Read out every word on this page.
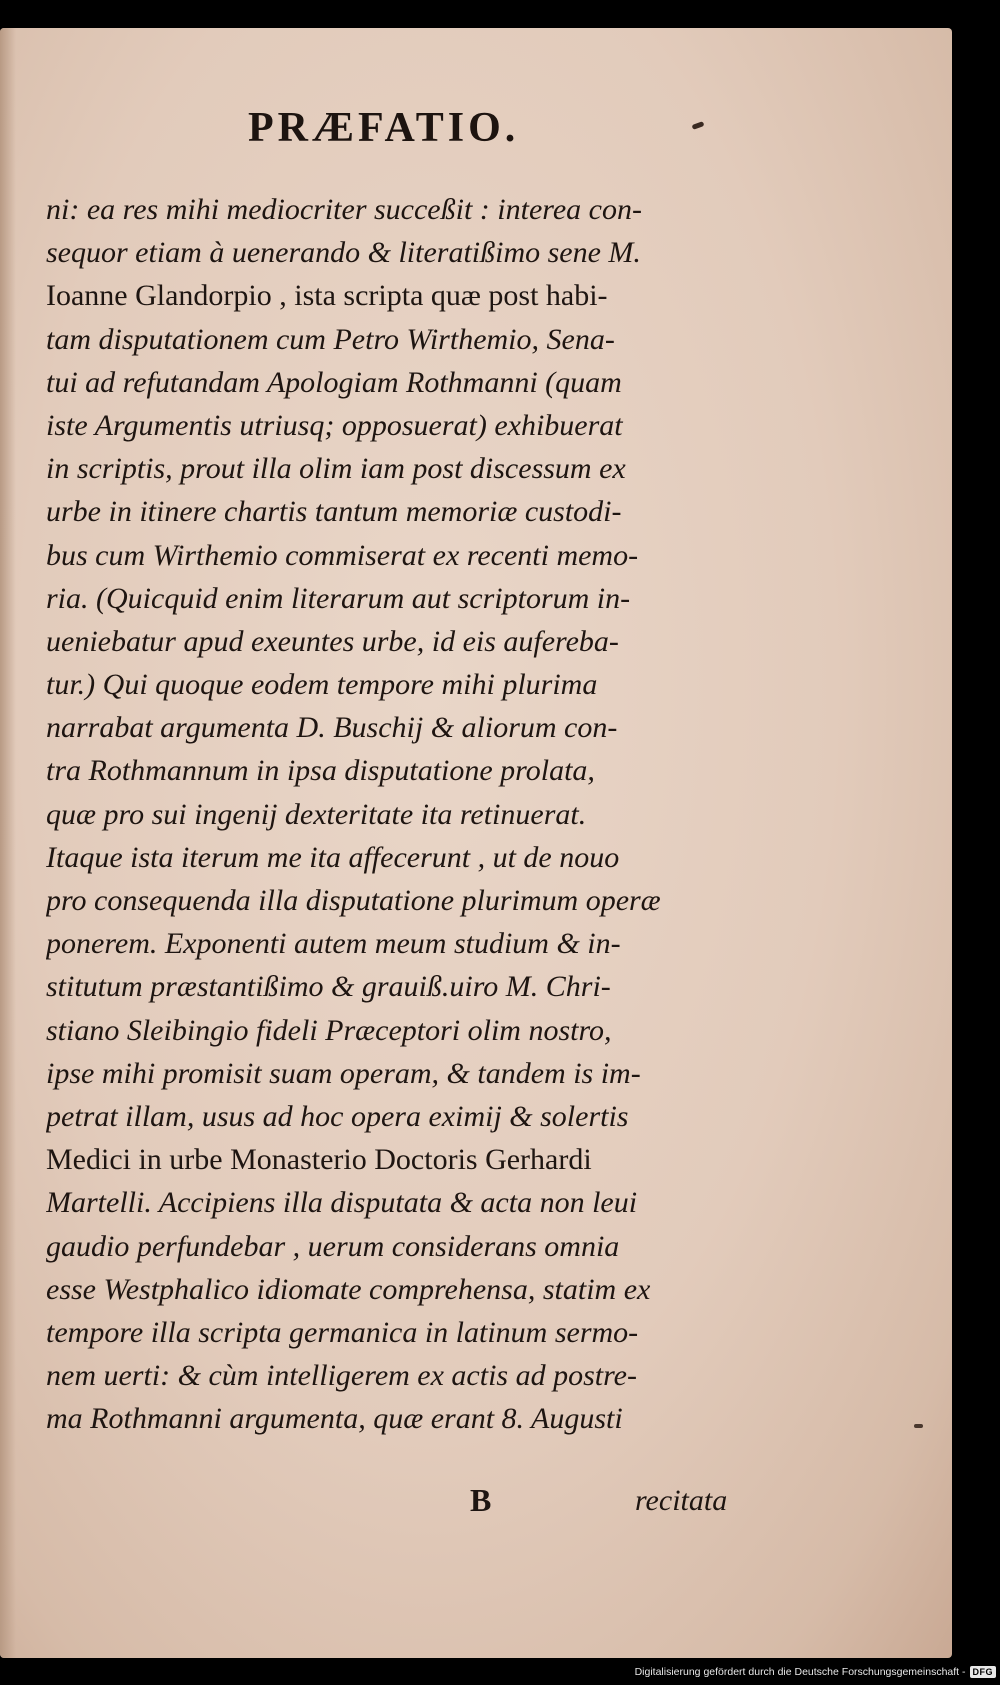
PRÆFATIO.
ni: ea res mihi mediocriter succeßit : interea con-
sequor etiam à uenerando & literatißimo sene M.
Ioanne Glandorpio , ista scripta quæ post habi-
tam disputationem cum Petro Wirthemio, Sena-
tui ad refutandam Apologiam Rothmanni (quam
iste Argumentis utriusq; opposuerat) exhibuerat
in scriptis, prout illa olim iam post discessum ex
urbe in itinere chartis tantum memoriæ custodi-
bus cum Wirthemio commiserat ex recenti memo-
ria. (Quicquid enim literarum aut scriptorum in-
ueniebatur apud exeuntes urbe, id eis aufereba-
tur.) Qui quoque eodem tempore mihi plurima
narrabat argumenta D. Buschij & aliorum con-
tra Rothmannum in ipsa disputatione prolata,
quæ pro sui ingenij dexteritate ita retinuerat.
Itaque ista iterum me ita affecerunt , ut de nouo
pro consequenda illa disputatione plurimum operæ
ponerem. Exponenti autem meum studium & in-
stitutum præstantißimo & grauiß.uiro M. Chri-
stiano Sleibingio fideli Præceptori olim nostro,
ipse mihi promisit suam operam, & tandem is im-
petrat illam, usus ad hoc opera eximij & solertis
Medici in urbe Monasterio Doctoris Gerhardi
Martelli. Accipiens illa disputata & acta non leui
gaudio perfundebar , uerum considerans omnia
esse Westphalico idiomate comprehensa, statim ex
tempore illa scripta germanica in latinum sermo-
nem uerti: & cùm intelligerem ex actis ad postre-
ma Rothmanni argumenta, quæ erant 8. Augusti
B	recitata
Digitalisierung gefördert durch die Deutsche Forschungsgemeinschaft - DFG
